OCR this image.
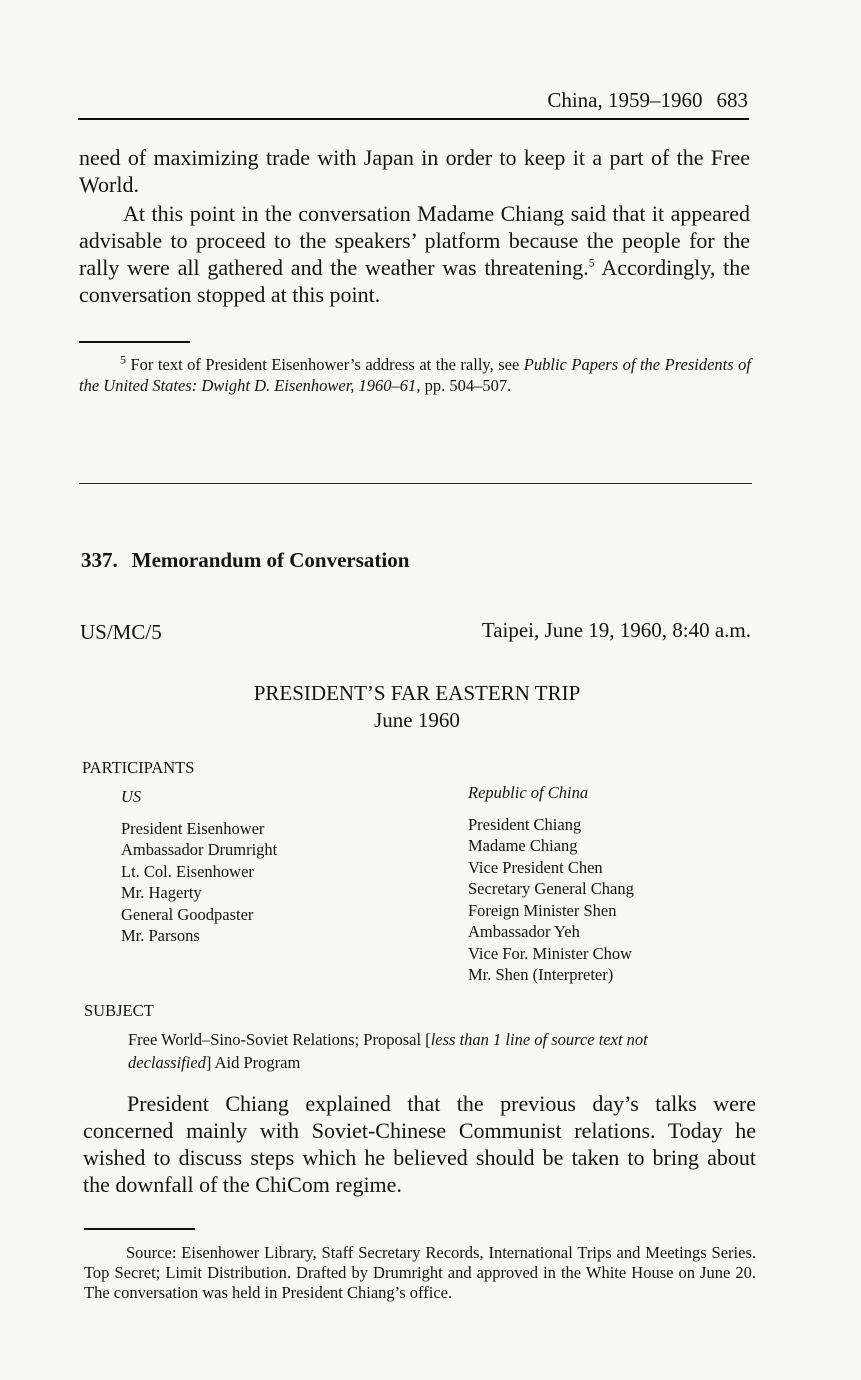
China, 1959–1960 683
need of maximizing trade with Japan in order to keep it a part of the Free World.
At this point in the conversation Madame Chiang said that it appeared advisable to proceed to the speakers’ platform because the people for the rally were all gathered and the weather was threatening.$^5$ Accordingly, the conversation stopped at this point.
$^5$ For text of President Eisenhower’s address at the rally, see Public Papers of the Presidents of the United States: Dwight D. Eisenhower, 1960–61, pp. 504–507.
337. Memorandum of Conversation
US/MC/5	Taipei, June 19, 1960, 8:40 a.m.
PRESIDENT’S FAR EASTERN TRIP
June 1960
PARTICIPANTS
US
President Eisenhower
Ambassador Drumright
Lt. Col. Eisenhower
Mr. Hagerty
General Goodpaster
Mr. Parsons
Republic of China
President Chiang
Madame Chiang
Vice President Chen
Secretary General Chang
Foreign Minister Shen
Ambassador Yeh
Vice For. Minister Chow
Mr. Shen (Interpreter)
SUBJECT
Free World–Sino-Soviet Relations; Proposal [less than 1 line of source text not declassified] Aid Program
President Chiang explained that the previous day’s talks were concerned mainly with Soviet-Chinese Communist relations. Today he wished to discuss steps which he believed should be taken to bring about the downfall of the ChiCom regime.
Source: Eisenhower Library, Staff Secretary Records, International Trips and Meetings Series. Top Secret; Limit Distribution. Drafted by Drumright and approved in the White House on June 20. The conversation was held in President Chiang’s office.
